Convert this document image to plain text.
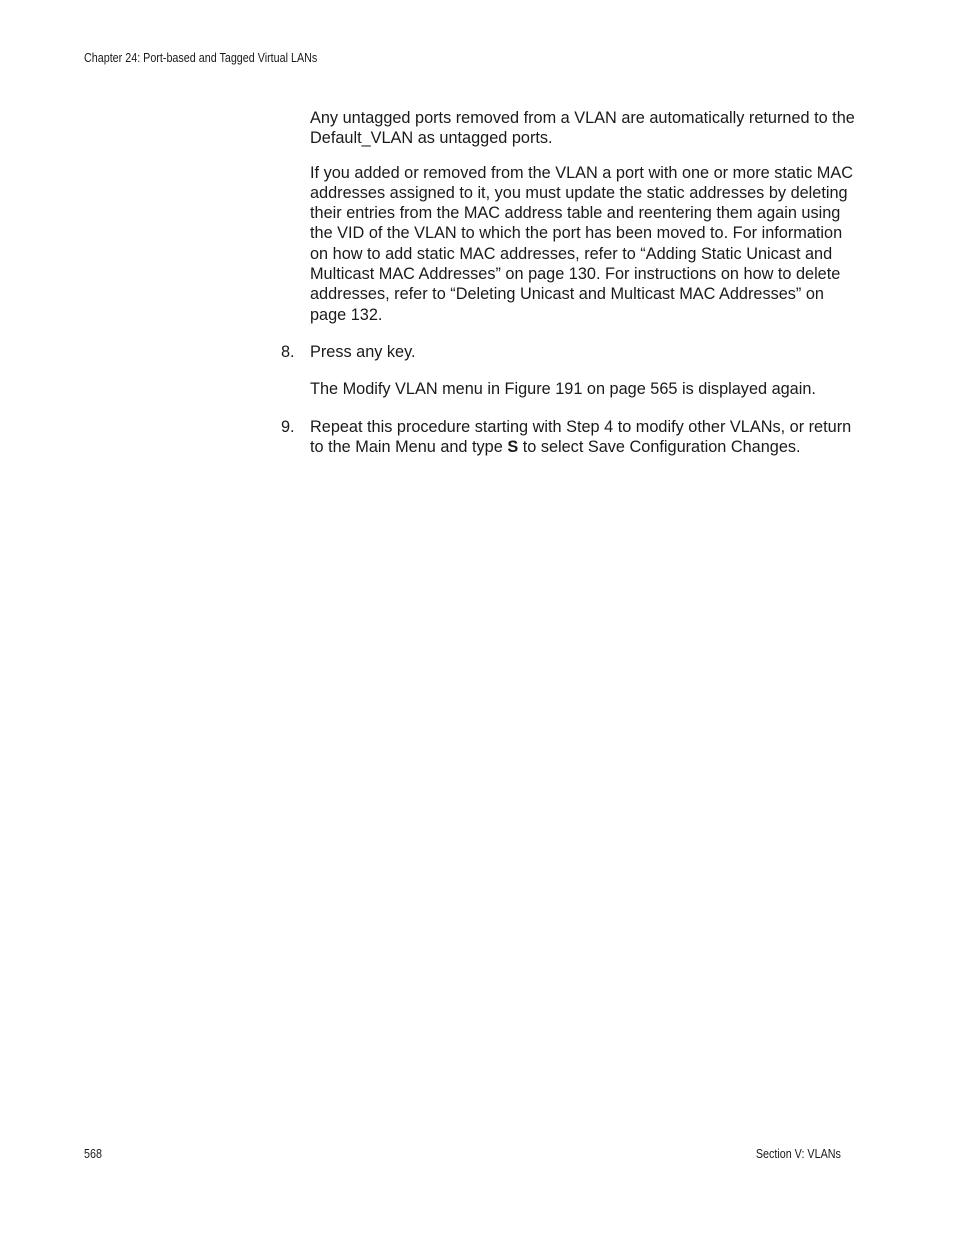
Chapter 24: Port-based and Tagged Virtual LANs

Any untagged ports removed from a VLAN are automatically returned to the Default_VLAN as untagged ports.

If you added or removed from the VLAN a port with one or more static MAC addresses assigned to it, you must update the static addresses by deleting their entries from the MAC address table and reentering them again using the VID of the VLAN to which the port has been moved to. For information on how to add static MAC addresses, refer to “Adding Static Unicast and Multicast MAC Addresses” on page 130. For instructions on how to delete addresses, refer to “Deleting Unicast and Multicast MAC Addresses” on page 132.

8. Press any key.

The Modify VLAN menu in Figure 191 on page 565 is displayed again.

9. Repeat this procedure starting with Step 4 to modify other VLANs, or return to the Main Menu and type S to select Save Configuration Changes.

568	Section V: VLANs
